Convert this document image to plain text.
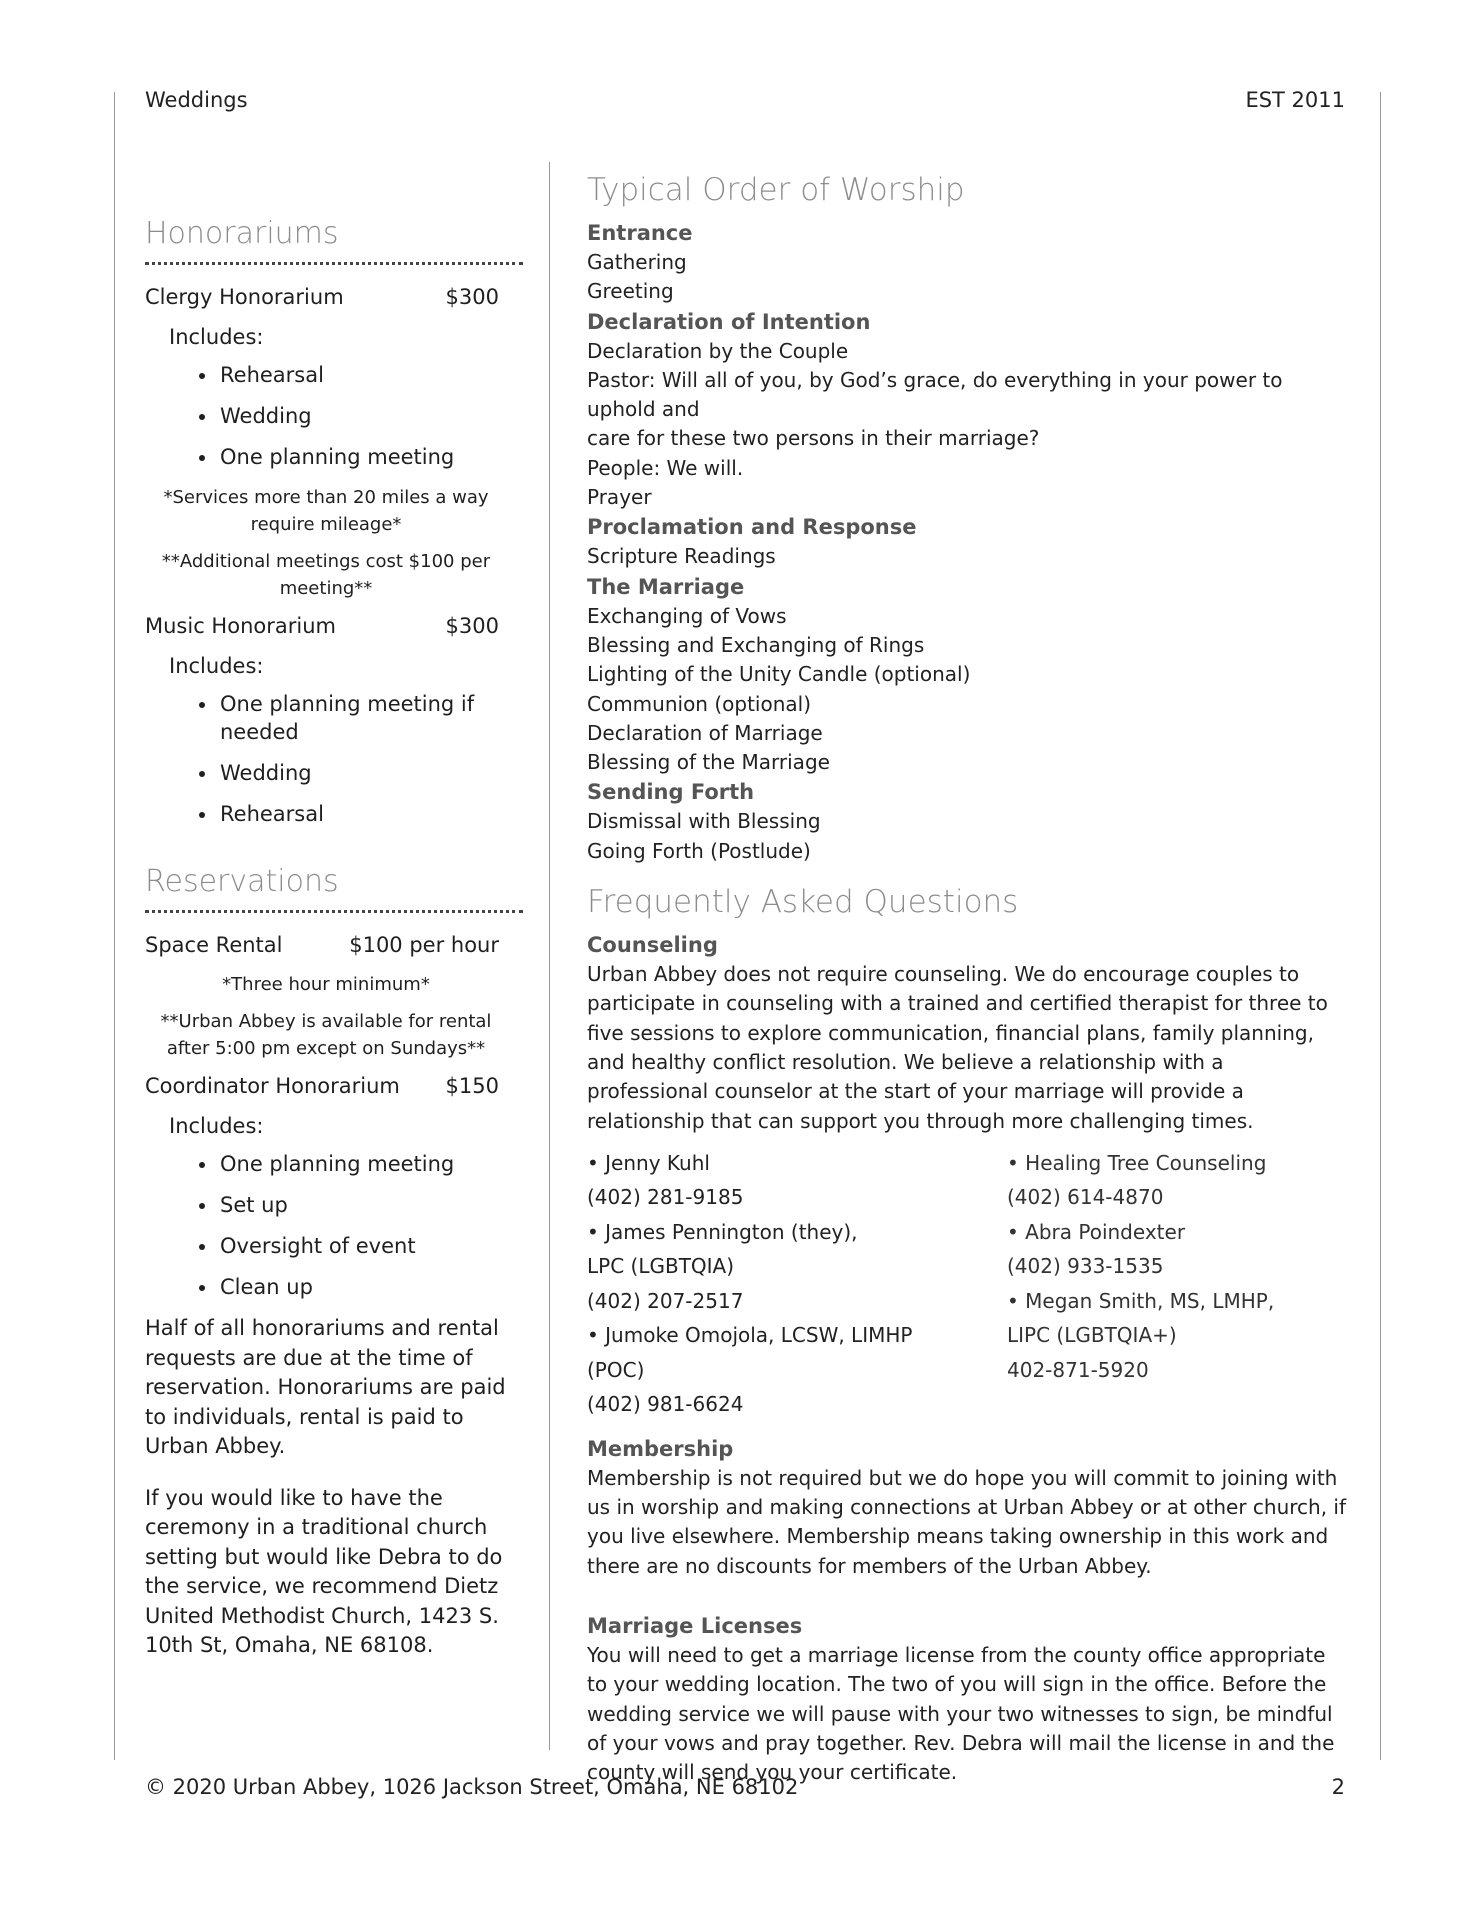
Weddings	EST 2011
Honorariums
Clergy Honorarium	$300
Includes:
• Rehearsal
• Wedding
• One planning meeting
*Services more than 20 miles a way require mileage*
**Additional meetings cost $100 per meeting**
Music Honorarium	$300
Includes:
• One planning meeting if needed
• Wedding
• Rehearsal
Reservations
Space Rental	$100 per hour
*Three hour minimum*
**Urban Abbey is available for rental after 5:00 pm except on Sundays**
Coordinator Honorarium $150
Includes:
• One planning meeting
• Set up
• Oversight of event
• Clean up

Half of all honorariums and rental requests are due at the time of reservation. Honorariums are paid to individuals, rental is paid to Urban Abbey.

If you would like to have the ceremony in a traditional church setting but would like Debra to do the service, we recommend Dietz United Methodist Church, 1423 S. 10th St, Omaha, NE 68108.

Typical Order of Worship
Entrance
Gathering
Greeting
Declaration of Intention
Declaration by the Couple
Pastor: Will all of you, by God’s grace, do everything in your power to uphold and
care for these two persons in their marriage?
People: We will.
Prayer
Proclamation and Response
Scripture Readings
The Marriage
Exchanging of Vows
Blessing and Exchanging of Rings
Lighting of the Unity Candle (optional)
Communion (optional)
Declaration of Marriage
Blessing of the Marriage
Sending Forth
Dismissal with Blessing
Going Forth (Postlude)
Frequently Asked Questions
Counseling
Urban Abbey does not require counseling. We do encourage couples to participate in counseling with a trained and certified therapist for three to five sessions to explore communication, financial plans, family planning, and healthy conflict resolution. We believe a relationship with a professional counselor at the start of your marriage will provide a relationship that can support you through more challenging times.
• Jenny Kuhl
(402) 281-9185
• James Pennington (they),
LPC (LGBTQIA)
(402) 207-2517
• Jumoke Omojola, LCSW, LIMHP
(POC)
(402) 981-6624
• Healing Tree Counseling
(402) 614-4870
• Abra Poindexter
(402) 933-1535
• Megan Smith, MS, LMHP,
LIPC (LGBTQIA+)
402-871-5920
Membership
Membership is not required but we do hope you will commit to joining with us in worship and making connections at Urban Abbey or at other church, if you live elsewhere. Membership means taking ownership in this work and there are no discounts for members of the Urban Abbey.
Marriage Licenses
You will need to get a marriage license from the county office appropriate to your wedding location. The two of you will sign in the office. Before the wedding service we will pause with your two witnesses to sign, be mindful of your vows and pray together. Rev. Debra will mail the license in and the county will send you your certificate.
© 2020 Urban Abbey, 1026 Jackson Street, Omaha, NE 68102	2
